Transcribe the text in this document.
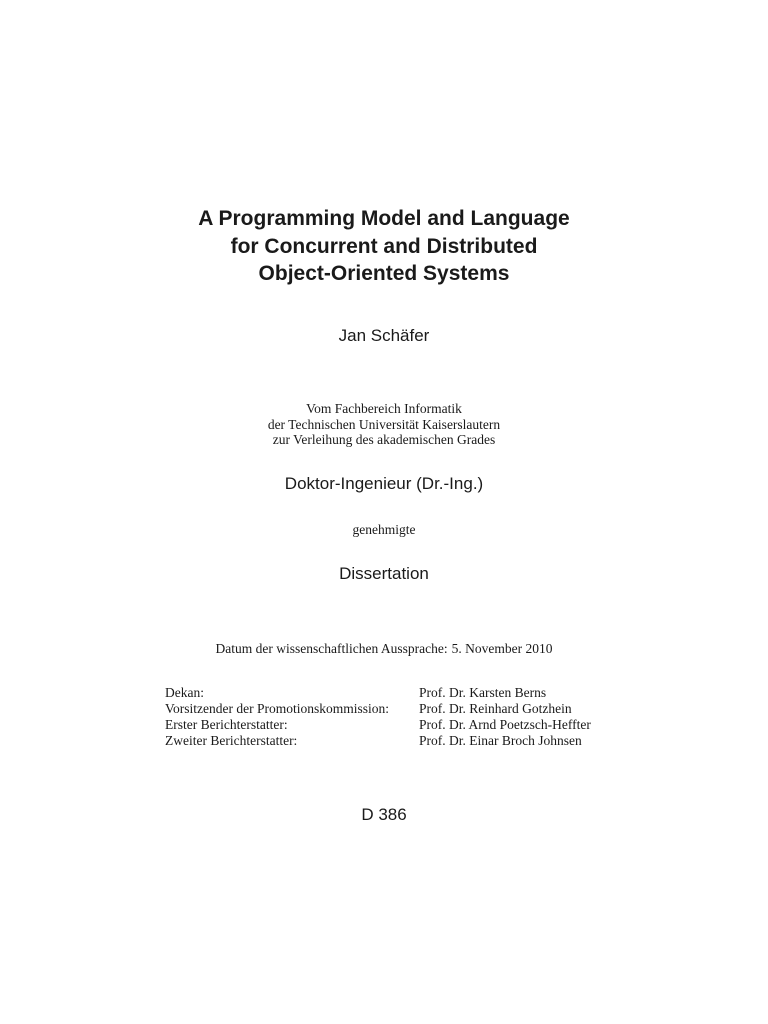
A Programming Model and Language
for Concurrent and Distributed
Object-Oriented Systems
Jan Schäfer
Vom Fachbereich Informatik
der Technischen Universität Kaiserslautern
zur Verleihung des akademischen Grades
Doktor-Ingenieur (Dr.-Ing.)
genehmigte
Dissertation
Datum der wissenschaftlichen Aussprache: 5. November 2010
Dekan:	Prof. Dr. Karsten Berns
Vorsitzender der Promotionskommission:	Prof. Dr. Reinhard Gotzhein
Erster Berichterstatter:	Prof. Dr. Arnd Poetzsch-Heffter
Zweiter Berichterstatter:	Prof. Dr. Einar Broch Johnsen
D 386
